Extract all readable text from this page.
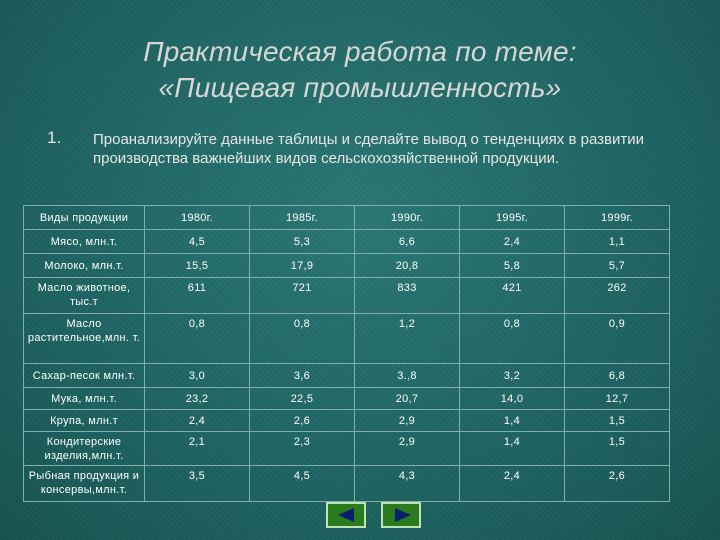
Практическая работа по теме:
«Пищевая промышленность»
1. Проанализируйте данные таблицы и сделайте вывод о тенденциях в развитии производства важнейших видов сельскохозяйственной продукции.
Виды продукции	1980г.	1985г.	1990г.	1995г.	1999г.
Мясо, млн.т.	4,5	5,3	6,6	2,4	1,1
Молоко, млн.т.	15,5	17,9	20,8	5,8	5,7
Масло животное, тыс.т	611	721	833	421	262
Масло растительное,млн. т.	0,8	0,8	1,2	0,8	0,9
Сахар-песок млн.т.	3,0	3,6	3.,8	3,2	6,8
Мука, млн.т.	23,2	22,5	20,7	14,0	12,7
Крупа, млн.т	2,4	2,6	2,9	1,4	1,5
Кондитерские изделия,млн.т.	2,1	2,3	2,9	1,4	1,5
Рыбная продукция и консервы,млн.т.	3,5	4,5	4,3	2,4	2,6
